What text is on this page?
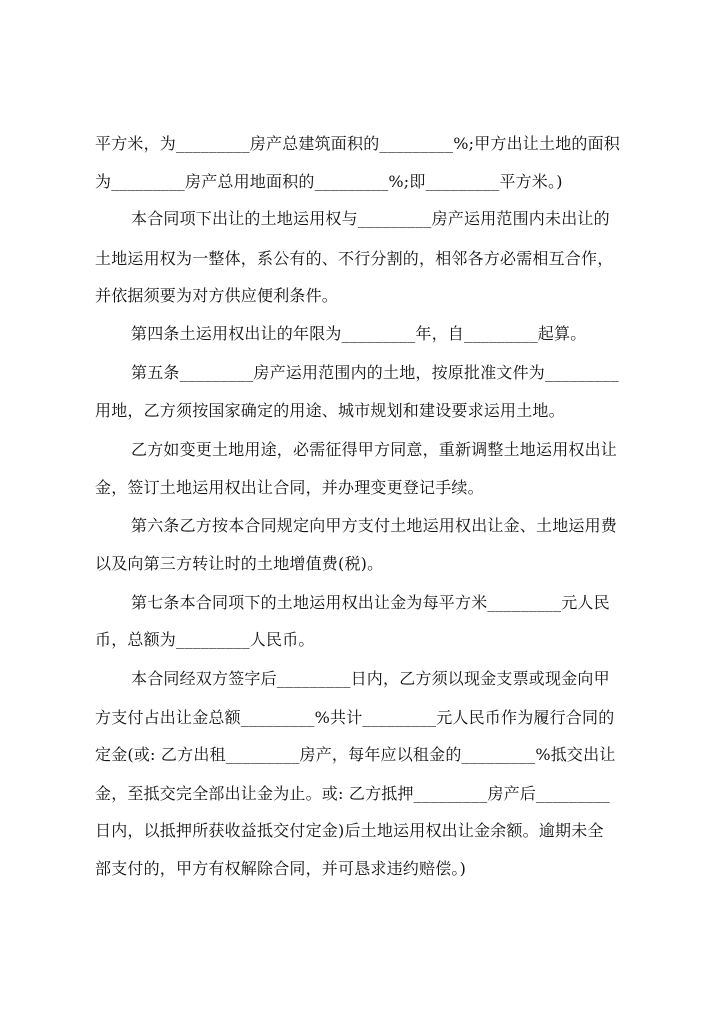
平方米，为_________房产总建筑面积的_________%;甲方出让土地的面积
为_________房产总用地面积的_________%;即_________平方米。)
本合同项下出让的土地运用权与_________房产运用范围内未出让的
土地运用权为一整体，系公有的、不行分割的，相邻各方必需相互合作，
并依据须要为对方供应便利条件。
第四条土运用权出让的年限为_________年，自_________起算。
第五条_________房产运用范围内的土地，按原批准文件为_________
用地，乙方须按国家确定的用途、城市规划和建设要求运用土地。
乙方如变更土地用途，必需征得甲方同意，重新调整土地运用权出让
金，签订土地运用权出让合同，并办理变更登记手续。
第六条乙方按本合同规定向甲方支付土地运用权出让金、土地运用费
以及向第三方转让时的土地增值费(税)。
第七条本合同项下的土地运用权出让金为每平方米_________元人民
币，总额为_________人民币。
本合同经双方签字后_________日内，乙方须以现金支票或现金向甲
方支付占出让金总额_________%共计_________元人民币作为履行合同的
定金(或: 乙方出租_________房产，每年应以租金的_________%抵交出让
金，至抵交完全部出让金为止。或: 乙方抵押_________房产后_________
日内，以抵押所获收益抵交付定金)后土地运用权出让金余额。逾期未全
部支付的，甲方有权解除合同，并可恳求违约赔偿。)
